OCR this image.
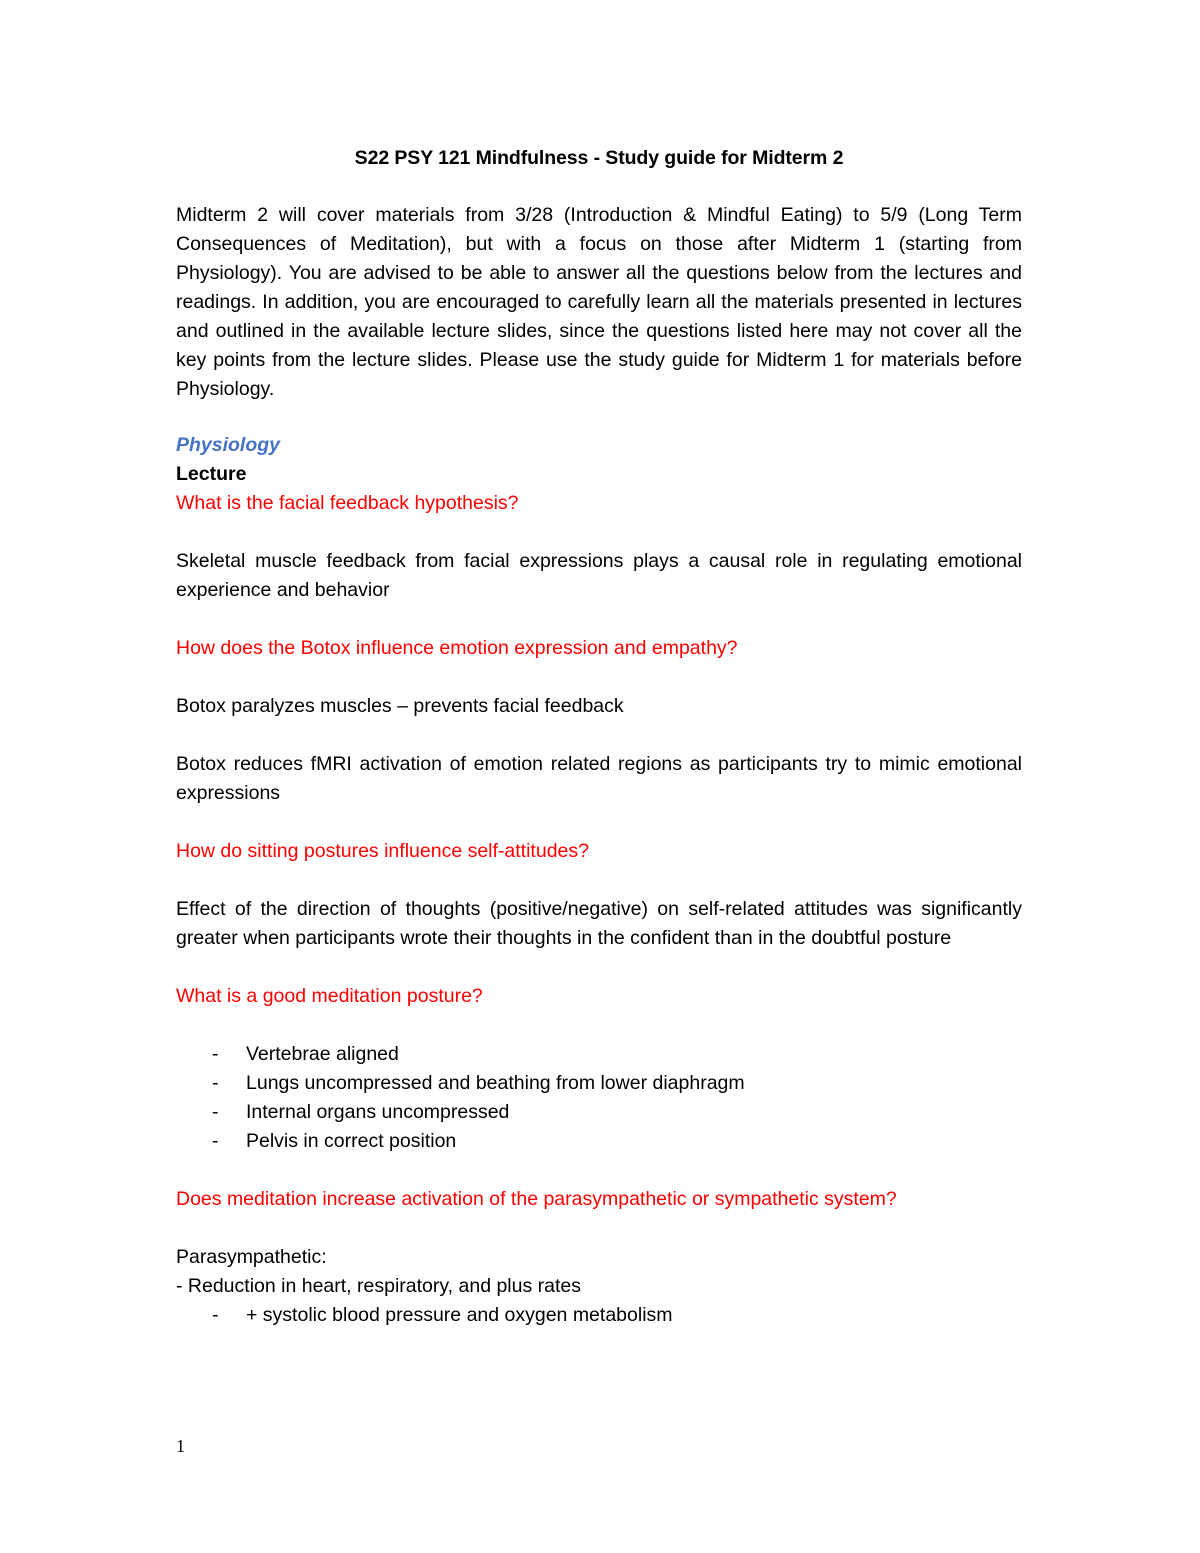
S22 PSY 121 Mindfulness - Study guide for Midterm 2

Midterm 2 will cover materials from 3/28 (Introduction & Mindful Eating) to 5/9 (Long Term Consequences of Meditation), but with a focus on those after Midterm 1 (starting from Physiology). You are advised to be able to answer all the questions below from the lectures and readings. In addition, you are encouraged to carefully learn all the materials presented in lectures and outlined in the available lecture slides, since the questions listed here may not cover all the key points from the lecture slides. Please use the study guide for Midterm 1 for materials before Physiology.

Physiology
Lecture

What is the facial feedback hypothesis?

Skeletal muscle feedback from facial expressions plays a causal role in regulating emotional experience and behavior

How does the Botox influence emotion expression and empathy?

Botox paralyzes muscles – prevents facial feedback

Botox reduces fMRI activation of emotion related regions as participants try to mimic emotional expressions

How do sitting postures influence self-attitudes?

Effect of the direction of thoughts (positive/negative) on self-related attitudes was significantly greater when participants wrote their thoughts in the confident than in the doubtful posture

What is a good meditation posture?

- Vertebrae aligned
- Lungs uncompressed and beathing from lower diaphragm
- Internal organs uncompressed
- Pelvis in correct position

Does meditation increase activation of the parasympathetic or sympathetic system?

Parasympathetic:

- Reduction in heart, respiratory, and plus rates

- + systolic blood pressure and oxygen metabolism
1
